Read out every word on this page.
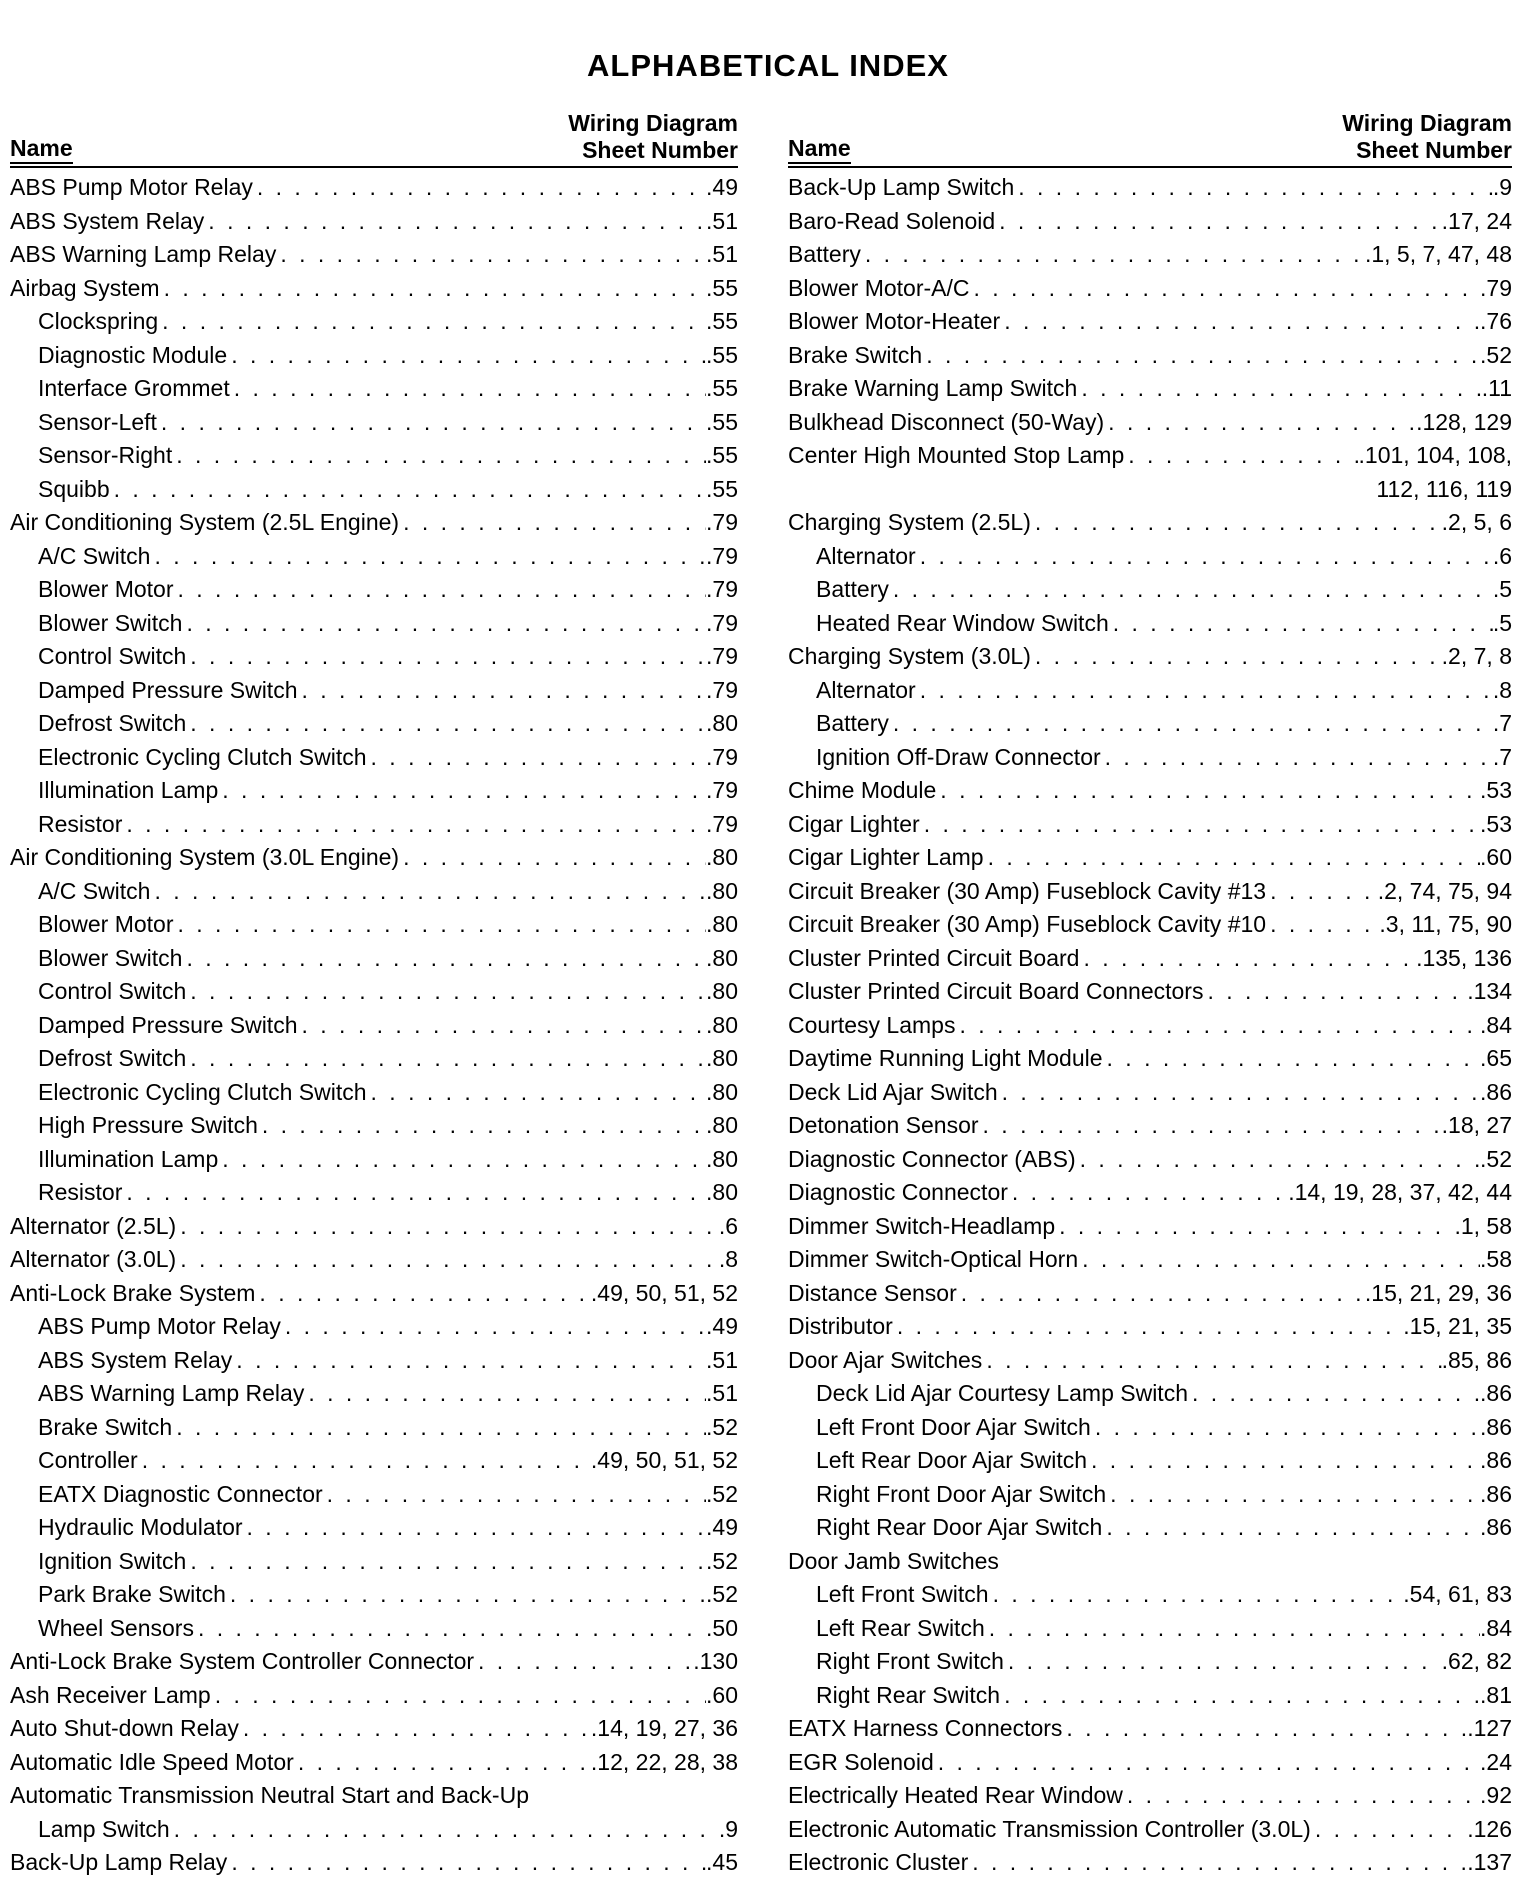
ALPHABETICAL INDEX
Name
Wiring Diagram
Sheet Number
ABS Pump Motor Relay . . .	.49
ABS System Relay . . .	.51
ABS Warning Lamp Relay . . .	.51
Airbag System . . .	.55
Clockspring . . .	.55
Diagnostic Module . . .	.55
Interface Grommet . . .	.55
Sensor-Left . . .	.55
Sensor-Right . . .	.55
Squibb . . .	.55
Air Conditioning System (2.5L Engine) . . .	.79
A/C Switch . . .	.79
Blower Motor . . .	.79
Blower Switch . . .	.79
Control Switch . . .	.79
Damped Pressure Switch . . .	.79
Defrost Switch . . .	.80
Electronic Cycling Clutch Switch . . .	.79
Illumination Lamp . . .	.79
Resistor . . .	.79
Air Conditioning System (3.0L Engine) . . .	.80
A/C Switch . . .	.80
Blower Motor . . .	.80
Blower Switch . . .	.80
Control Switch . . .	.80
Damped Pressure Switch . . .	.80
Defrost Switch . . .	.80
Electronic Cycling Clutch Switch . . .	.80
High Pressure Switch . . .	.80
Illumination Lamp . . .	.80
Resistor . . .	.80
Alternator (2.5L) . . .	.6
Alternator (3.0L) . . .	.8
Anti-Lock Brake System . . .	.49, 50, 51, 52
ABS Pump Motor Relay . . .	.49
ABS System Relay . . .	.51
ABS Warning Lamp Relay . . .	.51
Brake Switch . . .	.52
Controller . . .	.49, 50, 51, 52
EATX Diagnostic Connector . . .	.52
Hydraulic Modulator . . .	.49
Ignition Switch . . .	.52
Park Brake Switch . . .	.52
Wheel Sensors . . .	.50
Anti-Lock Brake System Controller Connector . . .	.130
Ash Receiver Lamp . . .	.60
Auto Shut-down Relay . . .	.14, 19, 27, 36
Automatic Idle Speed Motor . . .	.12, 22, 28, 38
Automatic Transmission Neutral Start and Back-Up
Lamp Switch . . .	.9
Back-Up Lamp Relay . . .	.45
Name
Wiring Diagram
Sheet Number
Back-Up Lamp Switch . . .	.9
Baro-Read Solenoid . . .	.17, 24
Battery . . .	.1, 5, 7, 47, 48
Blower Motor-A/C . . .	.79
Blower Motor-Heater . . .	.76
Brake Switch . . .	.52
Brake Warning Lamp Switch . . .	.11
Bulkhead Disconnect (50-Way) . . .	.128, 129
Center High Mounted Stop Lamp . . .	.101, 104, 108,
112, 116, 119
Charging System (2.5L) . . .	.2, 5, 6
Alternator . . .	.6
Battery . . .	.5
Heated Rear Window Switch . . .	.5
Charging System (3.0L) . . .	.2, 7, 8
Alternator . . .	.8
Battery . . .	.7
Ignition Off-Draw Connector . . .	.7
Chime Module . . .	.53
Cigar Lighter . . .	.53
Cigar Lighter Lamp . . .	.60
Circuit Breaker (30 Amp) Fuseblock Cavity #13 . . .	.2, 74, 75, 94
Circuit Breaker (30 Amp) Fuseblock Cavity #10 . . .	.3, 11, 75, 90
Cluster Printed Circuit Board . . .	.135, 136
Cluster Printed Circuit Board Connectors . . .	.134
Courtesy Lamps . . .	.84
Daytime Running Light Module . . .	.65
Deck Lid Ajar Switch . . .	.86
Detonation Sensor . . .	.18, 27
Diagnostic Connector (ABS) . . .	.52
Diagnostic Connector . . .	.14, 19, 28, 37, 42, 44
Dimmer Switch-Headlamp . . .	.1, 58
Dimmer Switch-Optical Horn . . .	.58
Distance Sensor . . .	.15, 21, 29, 36
Distributor . . .	.15, 21, 35
Door Ajar Switches . . .	.85, 86
Deck Lid Ajar Courtesy Lamp Switch . . .	.86
Left Front Door Ajar Switch . . .	.86
Left Rear Door Ajar Switch . . .	.86
Right Front Door Ajar Switch . . .	.86
Right Rear Door Ajar Switch . . .	.86
Door Jamb Switches
Left Front Switch . . .	.54, 61, 83
Left Rear Switch . . .	.84
Right Front Switch . . .	.62, 82
Right Rear Switch . . .	.81
EATX Harness Connectors . . .	.127
EGR Solenoid . . .	.24
Electrically Heated Rear Window . . .	.92
Electronic Automatic Transmission Controller (3.0L) . . .	.126
Electronic Cluster . . .	.137
